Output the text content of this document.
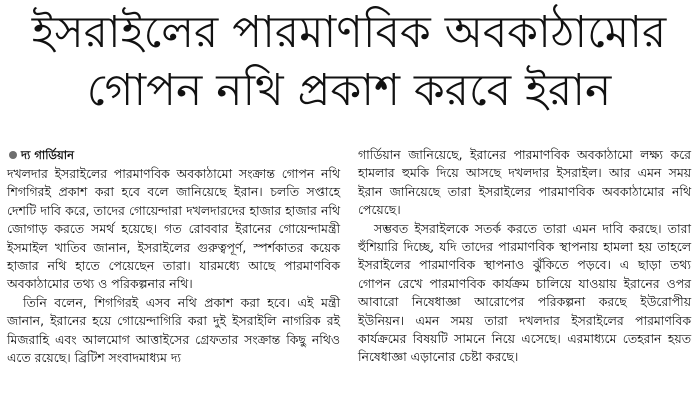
ইসরাইলের পারমাণবিক অবকাঠামোর
গোপন নথি প্রকাশ করবে ইরান
দ্য গার্ডিয়ান

দখলদার ইসরাইলের পারমাণবিক অবকাঠামো সংক্রান্ত গোপন নথি শিগগিরই প্রকাশ করা হবে বলে জানিয়েছে ইরান। চলতি সপ্তাহে দেশটি দাবি করে, তাদের গোয়েন্দারা দখলদারদের হাজার হাজার নথি জোগাড় করতে সমর্থ হয়েছে। গত রোববার ইরানের গোয়েন্দামন্ত্রী ইসমাইল খাতিব জানান, ইসরাইলের গুরুত্বপূর্ণ, স্পর্শকাতর কয়েক হাজার নথি হাতে পেয়েছেন তারা। যারমধ্যে আছে পারমাণবিক অবকাঠামোর তথ্য ও পরিকল্পনার নথি।

তিনি বলেন, শিগগিরই এসব নথি প্রকাশ করা হবে। এই মন্ত্রী জানান, ইরানের হয়ে গোয়েন্দাগিরি করা দুই ইসরাইলি নাগরিক রই মিজরাহি এবং আলমোগ আত্তাইসের গ্রেফতার সংক্রান্ত কিছু নথিও এতে রয়েছে। ব্রিটিশ সংবাদমাধ্যম দ্য

গার্ডিয়ান জানিয়েছে, ইরানের পারমাণবিক অবকাঠামো লক্ষ্য করে হামলার হুমকি দিয়ে আসছে দখলদার ইসরাইল। আর এমন সময় ইরান জানিয়েছে তারা ইসরাইলের পারমাণবিক অবকাঠামোর নথি পেয়েছে।

সম্ভবত ইসরাইলকে সতর্ক করতে তারা এমন দাবি করছে। তারা হুঁশিয়ারি দিচ্ছে, যদি তাদের পারমাণবিক স্থাপনায় হামলা হয় তাহলে ইসরাইলের পারমাণবিক স্থাপনাও ঝুঁকিতে পড়বে। এ ছাড়া তথ্য গোপন রেখে পারমাণবিক কার্যক্রম চালিয়ে যাওয়ায় ইরানের ওপর আবারো নিষেধাজ্ঞা আরোপের পরিকল্পনা করছে ইউরোপীয় ইউনিয়ন। এমন সময় তারা দখলদার ইসরাইলের পারমাণবিক কার্যক্রমের বিষয়টি সামনে নিয়ে এসেছে। এরমাধ্যমে তেহরান হয়ত নিষেধাজ্ঞা এড়ানোর চেষ্টা করছে।
